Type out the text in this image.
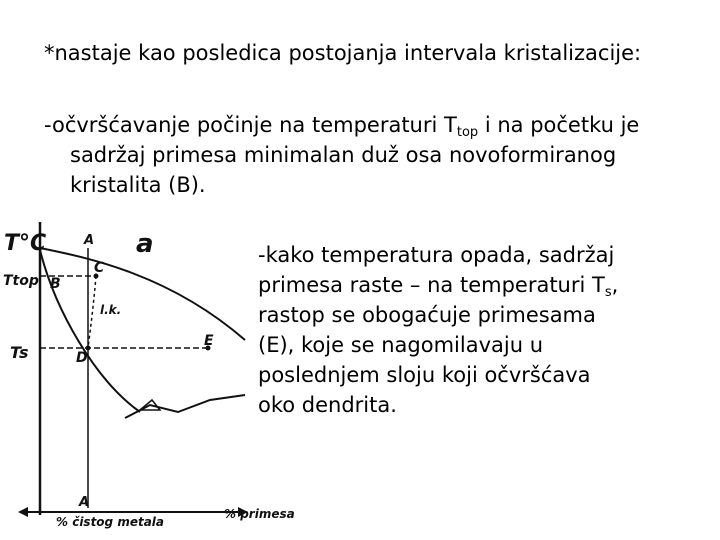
*nastaje kao posledica postojanja intervala kristalizacije:

-očvršćavanje počinje na temperaturi $T_{top}$ i na početku je
sadržaj primesa minimalan duž osa novoformiranog
kristalita (B).

-kako temperatura opada, sadržaj
primesa raste – na temperaturi $T_s$,
rastop se obogaćuje primesama
(E), koje se nagomilavaju u
poslednjem sloju koji očvršćava
oko dendrita.

T°C	a
Ttop
Ts
A
B
C
l.k.
D
E
A
% čistog metala
% primesa
